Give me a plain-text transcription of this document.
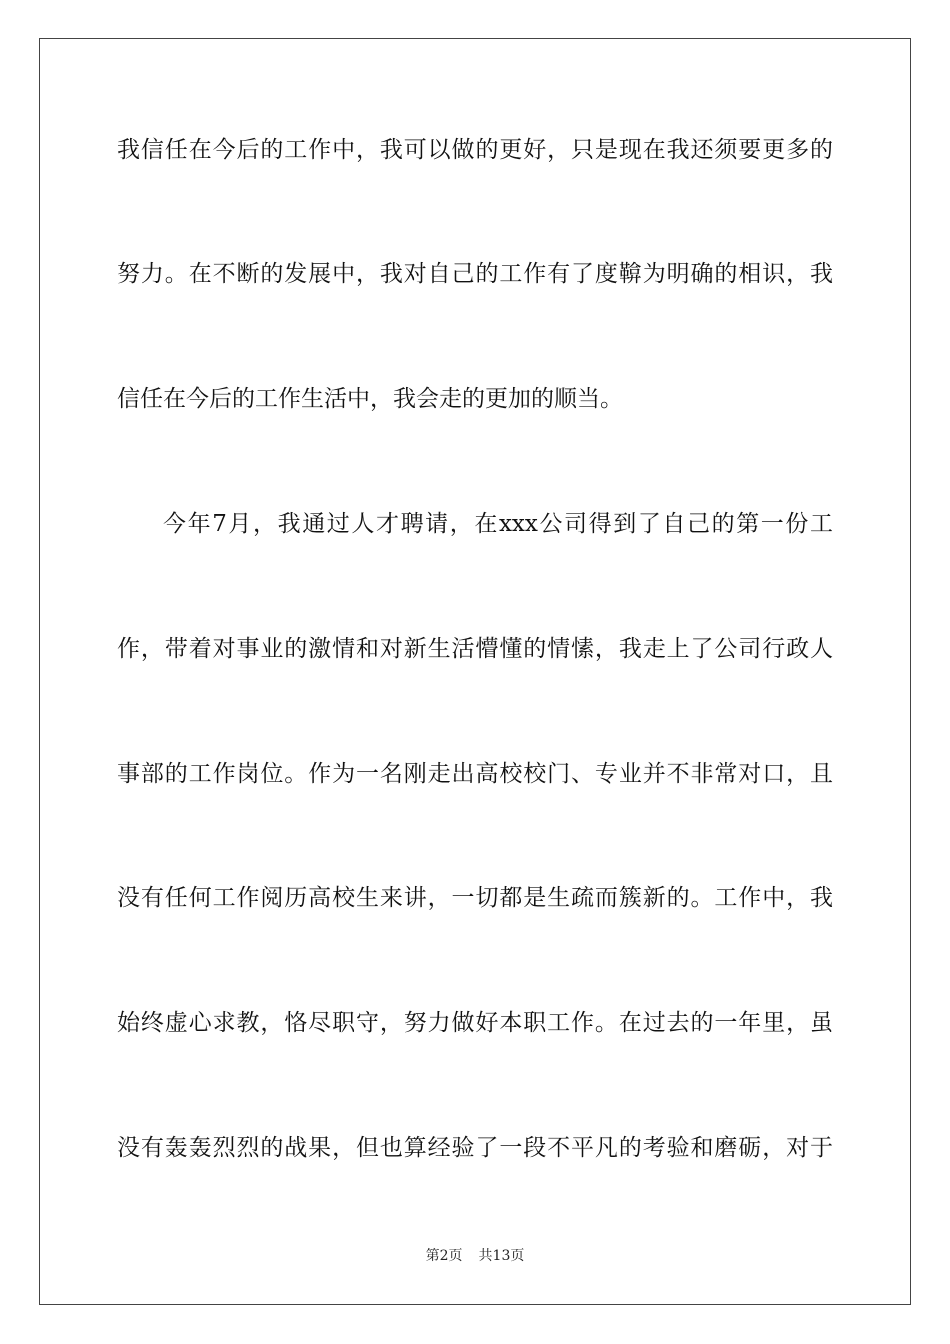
我信任在今后的工作中，我可以做的更好，只是现在我还须要更多的
努力。在不断的发展中，我对自己的工作有了度鞥为明确的相识，我
信任在今后的工作生活中，我会走的更加的顺当。
今年7月，我通过人才聘请，在xxx公司得到了自己的第一份工
作，带着对事业的激情和对新生活懵懂的情愫，我走上了公司行政人
事部的工作岗位。作为一名刚走出高校校门、专业并不非常对口，且
没有任何工作阅历高校生来讲，一切都是生疏而簇新的。工作中，我
始终虚心求教，恪尽职守，努力做好本职工作。在过去的一年里，虽
没有轰轰烈烈的战果，但也算经验了一段不平凡的考验和磨砺，对于
第2页 共13页
